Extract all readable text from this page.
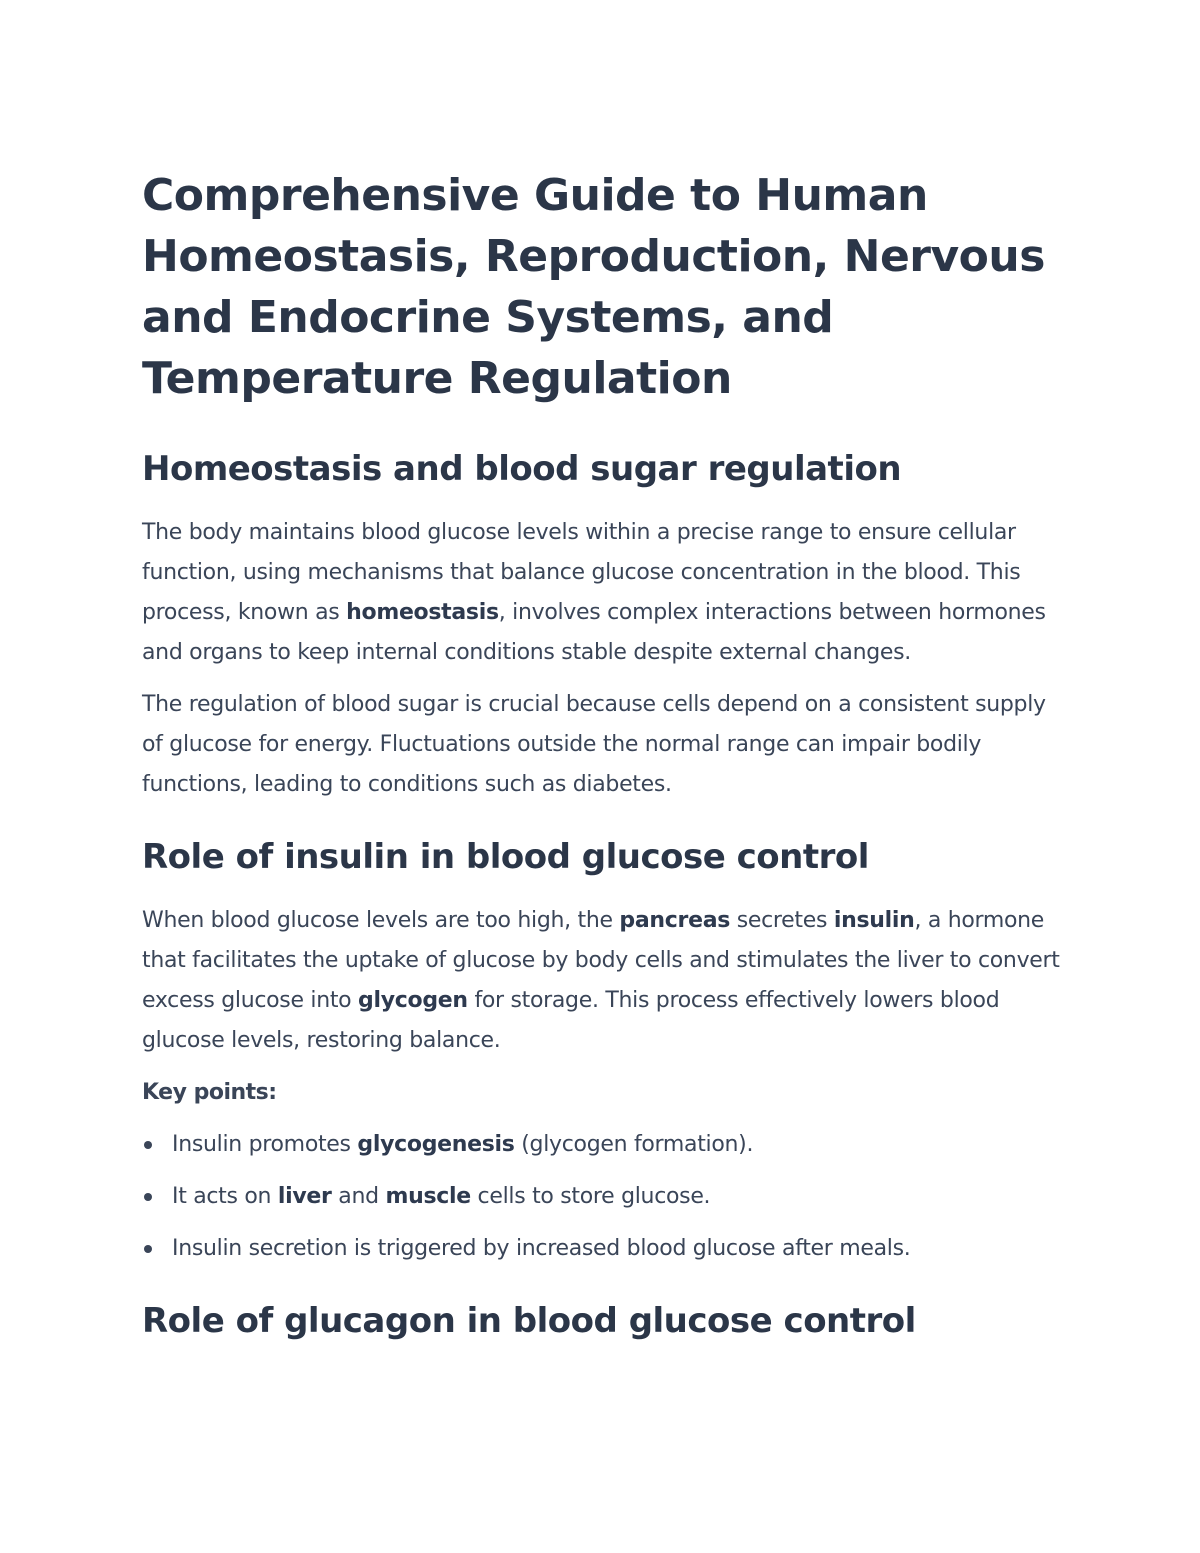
Comprehensive Guide to Human Homeostasis, Reproduction, Nervous and Endocrine Systems, and Temperature Regulation
Homeostasis and blood sugar regulation

The body maintains blood glucose levels within a precise range to ensure cellular function, using mechanisms that balance glucose concentration in the blood. This process, known as homeostasis, involves complex interactions between hormones and organs to keep internal conditions stable despite external changes.

The regulation of blood sugar is crucial because cells depend on a consistent supply of glucose for energy. Fluctuations outside the normal range can impair bodily functions, leading to conditions such as diabetes.

Role of insulin in blood glucose control

When blood glucose levels are too high, the pancreas secretes insulin, a hormone that facilitates the uptake of glucose by body cells and stimulates the liver to convert excess glucose into glycogen for storage. This process effectively lowers blood glucose levels, restoring balance.

Key points:
Insulin promotes glycogenesis (glycogen formation).
It acts on liver and muscle cells to store glucose.
Insulin secretion is triggered by increased blood glucose after meals.
Role of glucagon in blood glucose control
